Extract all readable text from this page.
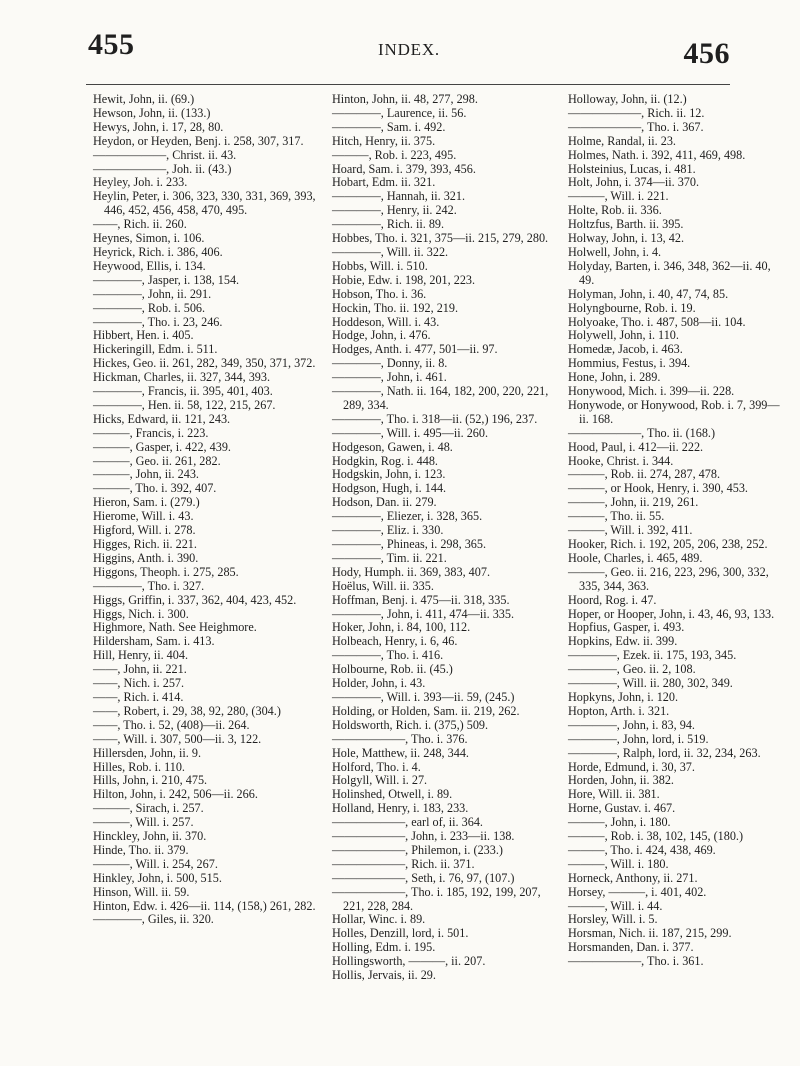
455	INDEX.	456
Hewit, John, ii. (69.)
Hewson, John, ii. (133.)
Hewys, John, i. 17, 28, 80.
Heydon, or Heyden, Benj. i. 258, 307, 317.
——————, Christ. ii. 43.
——————, Joh. ii. (43.)
Heyley, Joh. i. 233.
Heylin, Peter, i. 306, 323, 330, 331, 369, 393, 446, 452, 456, 458, 470, 495.
——, Rich. ii. 260.
Heynes, Simon, i. 106.
Heyrick, Rich. i. 386, 406.
Heywood, Ellis, i. 134.
————, Jasper, i. 138, 154.
————, John, ii. 291.
————, Rob. i. 506.
————, Tho. i. 23, 246.
Hibbert, Hen. i. 405.
Hickeringill, Edm. i. 511.
Hickes, Geo. ii. 261, 282, 349, 350, 371, 372.
Hickman, Charles, ii. 327, 344, 393.
————, Francis, ii. 395, 401, 403.
————, Hen. ii. 58, 122, 215, 267.
Hicks, Edward, ii. 121, 243.
———, Francis, i. 223.
———, Gasper, i. 422, 439.
———, Geo. ii. 261, 282.
———, John, ii. 243.
———, Tho. i. 392, 407.
Hieron, Sam. i. (279.)
Hierome, Will. i. 43.
Higford, Will. i. 278.
Higges, Rich. ii. 221.
Higgins, Anth. i. 390.
Higgons, Theoph. i. 275, 285.
————, Tho. i. 327.
Higgs, Griffin, i. 337, 362, 404, 423, 452.
Higgs, Nich. i. 300.
Highmore, Nath. See Heighmore.
Hildersham, Sam. i. 413.
Hill, Henry, ii. 404.
——, John, ii. 221.
——, Nich. i. 257.
——, Rich. i. 414.
——, Robert, i. 29, 38, 92, 280, (304.)
——, Tho. i. 52, (408)—ii. 264.
——, Will. i. 307, 500—ii. 3, 122.
Hillersden, John, ii. 9.
Hilles, Rob. i. 110.
Hills, John, i. 210, 475.
Hilton, John, i. 242, 506—ii. 266.
———, Sirach, i. 257.
———, Will. i. 257.
Hinckley, John, ii. 370.
Hinde, Tho. ii. 379.
———, Will. i. 254, 267.
Hinkley, John, i. 500, 515.
Hinson, Will. ii. 59.
Hinton, Edw. i. 426—ii. 114, (158,) 261, 282.
————, Giles, ii. 320.
Hinton, John, ii. 48, 277, 298.
————, Laurence, ii. 56.
————, Sam. i. 492.
Hitch, Henry, ii. 375.
———, Rob. i. 223, 495.
Hoard, Sam. i. 379, 393, 456.
Hobart, Edm. ii. 321.
————, Hannah, ii. 321.
————, Henry, ii. 242.
————, Rich. ii. 89.
Hobbes, Tho. i. 321, 375—ii. 215, 279, 280.
————, Will. ii. 322.
Hobbs, Will. i. 510.
Hobie, Edw. i. 198, 201, 223.
Hobson, Tho. i. 36.
Hockin, Tho. ii. 192, 219.
Hoddeson, Will. i. 43.
Hodge, John, i. 476.
Hodges, Anth. i. 477, 501—ii. 97.
————, Donny, ii. 8.
————, John, i. 461.
————, Nath. ii. 164, 182, 200, 220, 221, 289, 334.
————, Tho. i. 318—ii. (52,) 196, 237.
————, Will. i. 495—ii. 260.
Hodgeson, Gawen, i. 48.
Hodgkin, Rog. i. 448.
Hodgskin, John, i. 123.
Hodgson, Hugh, i. 144.
Hodson, Dan. ii. 279.
————, Eliezer, i. 328, 365.
————, Eliz. i. 330.
————, Phineas, i. 298, 365.
————, Tim. ii. 221.
Hody, Humph. ii. 369, 383, 407.
Hoëlus, Will. ii. 335.
Hoffman, Benj. i. 475—ii. 318, 335.
————, John, i. 411, 474—ii. 335.
Hoker, John, i. 84, 100, 112.
Holbeach, Henry, i. 6, 46.
————, Tho. i. 416.
Holbourne, Rob. ii. (45.)
Holder, John, i. 43.
————, Will. i. 393—ii. 59, (245.)
Holding, or Holden, Sam. ii. 219, 262.
Holdsworth, Rich. i. (375,) 509.
——————, Tho. i. 376.
Hole, Matthew, ii. 248, 344.
Holford, Tho. i. 4.
Holgyll, Will. i. 27.
Holinshed, Otwell, i. 89.
Holland, Henry, i. 183, 233.
——————, earl of, ii. 364.
——————, John, i. 233—ii. 138.
——————, Philemon, i. (233.)
——————, Rich. ii. 371.
——————, Seth, i. 76, 97, (107.)
——————, Tho. i. 185, 192, 199, 207, 221, 228, 284.
Hollar, Winc. i. 89.
Holles, Denzill, lord, i. 501.
Holling, Edm. i. 195.
Hollingsworth, ———, ii. 207.
Hollis, Jervais, ii. 29.
Holloway, John, ii. (12.)
——————, Rich. ii. 12.
——————, Tho. i. 367.
Holme, Randal, ii. 23.
Holmes, Nath. i. 392, 411, 469, 498.
Holsteinius, Lucas, i. 481.
Holt, John, i. 374—ii. 370.
———, Will. i. 221.
Holte, Rob. ii. 336.
Holtzfus, Barth. ii. 395.
Holway, John, i. 13, 42.
Holwell, John, i. 4.
Holyday, Barten, i. 346, 348, 362—ii. 40, 49.
Holyman, John, i. 40, 47, 74, 85.
Holyngbourne, Rob. i. 19.
Holyoake, Tho. i. 487, 508—ii. 104.
Holywell, John, i. 110.
Homedæ, Jacob, i. 463.
Hommius, Festus, i. 394.
Hone, John, i. 289.
Honywood, Mich. i. 399—ii. 228.
Honywode, or Honywood, Rob. i. 7, 399—ii. 168.
——————, Tho. ii. (168.)
Hood, Paul, i. 412—ii. 222.
Hooke, Christ. i. 344.
———, Rob. ii. 274, 287, 478.
———, or Hook, Henry, i. 390, 453.
———, John, ii. 219, 261.
———, Tho. ii. 55.
———, Will. i. 392, 411.
Hooker, Rich. i. 192, 205, 206, 238, 252.
Hoole, Charles, i. 465, 489.
———, Geo. ii. 216, 223, 296, 300, 332, 335, 344, 363.
Hoord, Rog. i. 47.
Hoper, or Hooper, John, i. 43, 46, 93, 133.
Hopfius, Gasper, i. 493.
Hopkins, Edw. ii. 399.
————, Ezek. ii. 175, 193, 345.
————, Geo. ii. 2, 108.
————, Will. ii. 280, 302, 349.
Hopkyns, John, i. 120.
Hopton, Arth. i. 321.
————, John, i. 83, 94.
————, John, lord, i. 519.
————, Ralph, lord, ii. 32, 234, 263.
Horde, Edmund, i. 30, 37.
Horden, John, ii. 382.
Hore, Will. ii. 381.
Horne, Gustav. i. 467.
———, John, i. 180.
———, Rob. i. 38, 102, 145, (180.)
———, Tho. i. 424, 438, 469.
———, Will. i. 180.
Horneck, Anthony, ii. 271.
Horsey, ———, i. 401, 402.
———, Will. i. 44.
Horsley, Will. i. 5.
Horsman, Nich. ii. 187, 215, 299.
Horsmanden, Dan. i. 377.
——————, Tho. i. 361.
